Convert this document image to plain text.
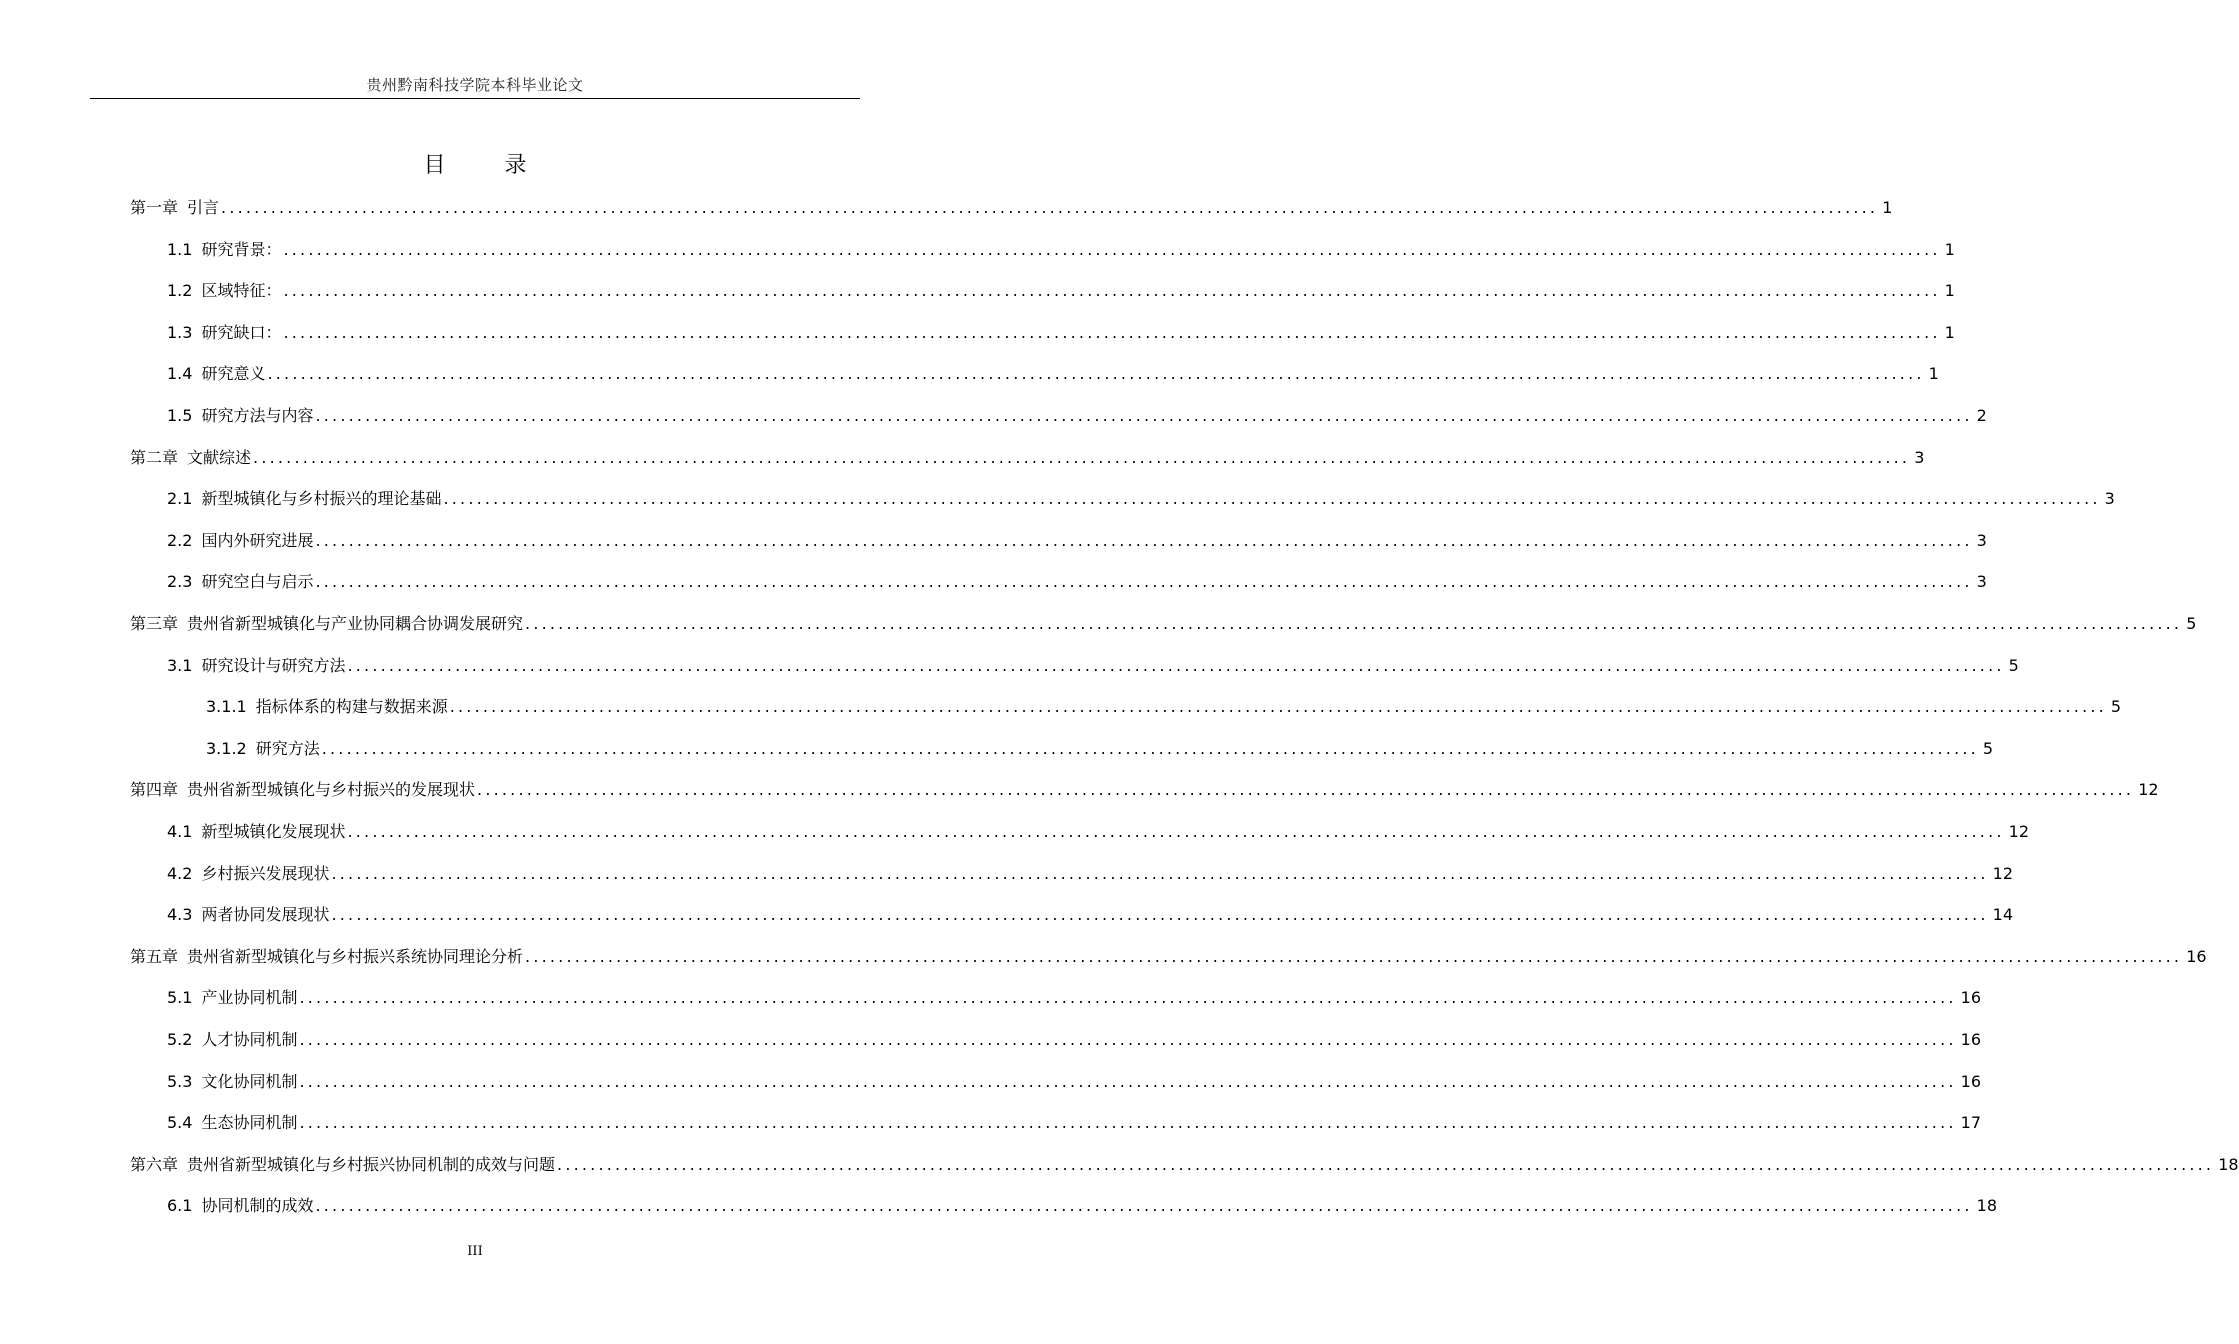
贵州黔南科技学院本科毕业论文
目 录
第一章 引言 ........................................................................................................................................................................................................ 1
1.1 研究背景： ........................................................................................................................................................................................................ 1
1.2 区域特征： ........................................................................................................................................................................................................ 1
1.3 研究缺口： ........................................................................................................................................................................................................ 1
1.4 研究意义 ........................................................................................................................................................................................................ 1
1.5 研究方法与内容 ........................................................................................................................................................................................................ 2
第二章 文献综述 ........................................................................................................................................................................................................ 3
2.1 新型城镇化与乡村振兴的理论基础 ........................................................................................................................................................................................................ 3
2.2 国内外研究进展 ........................................................................................................................................................................................................ 3
2.3 研究空白与启示 ........................................................................................................................................................................................................ 3
第三章 贵州省新型城镇化与产业协同耦合协调发展研究 ........................................................................................................................................................................................................ 5
3.1 研究设计与研究方法 ........................................................................................................................................................................................................ 5
3.1.1 指标体系的构建与数据来源 ........................................................................................................................................................................................................ 5
3.1.2 研究方法 ........................................................................................................................................................................................................ 5
第四章 贵州省新型城镇化与乡村振兴的发展现状 ........................................................................................................................................................................................................ 12
4.1 新型城镇化发展现状 ........................................................................................................................................................................................................ 12
4.2 乡村振兴发展现状 ........................................................................................................................................................................................................ 12
4.3 两者协同发展现状 ........................................................................................................................................................................................................ 14
第五章 贵州省新型城镇化与乡村振兴系统协同理论分析 ........................................................................................................................................................................................................ 16
5.1 产业协同机制 ........................................................................................................................................................................................................ 16
5.2 人才协同机制 ........................................................................................................................................................................................................ 16
5.3 文化协同机制 ........................................................................................................................................................................................................ 16
5.4 生态协同机制 ........................................................................................................................................................................................................ 17
第六章 贵州省新型城镇化与乡村振兴协同机制的成效与问题 ........................................................................................................................................................................................................ 18
6.1 协同机制的成效 ........................................................................................................................................................................................................ 18
III
